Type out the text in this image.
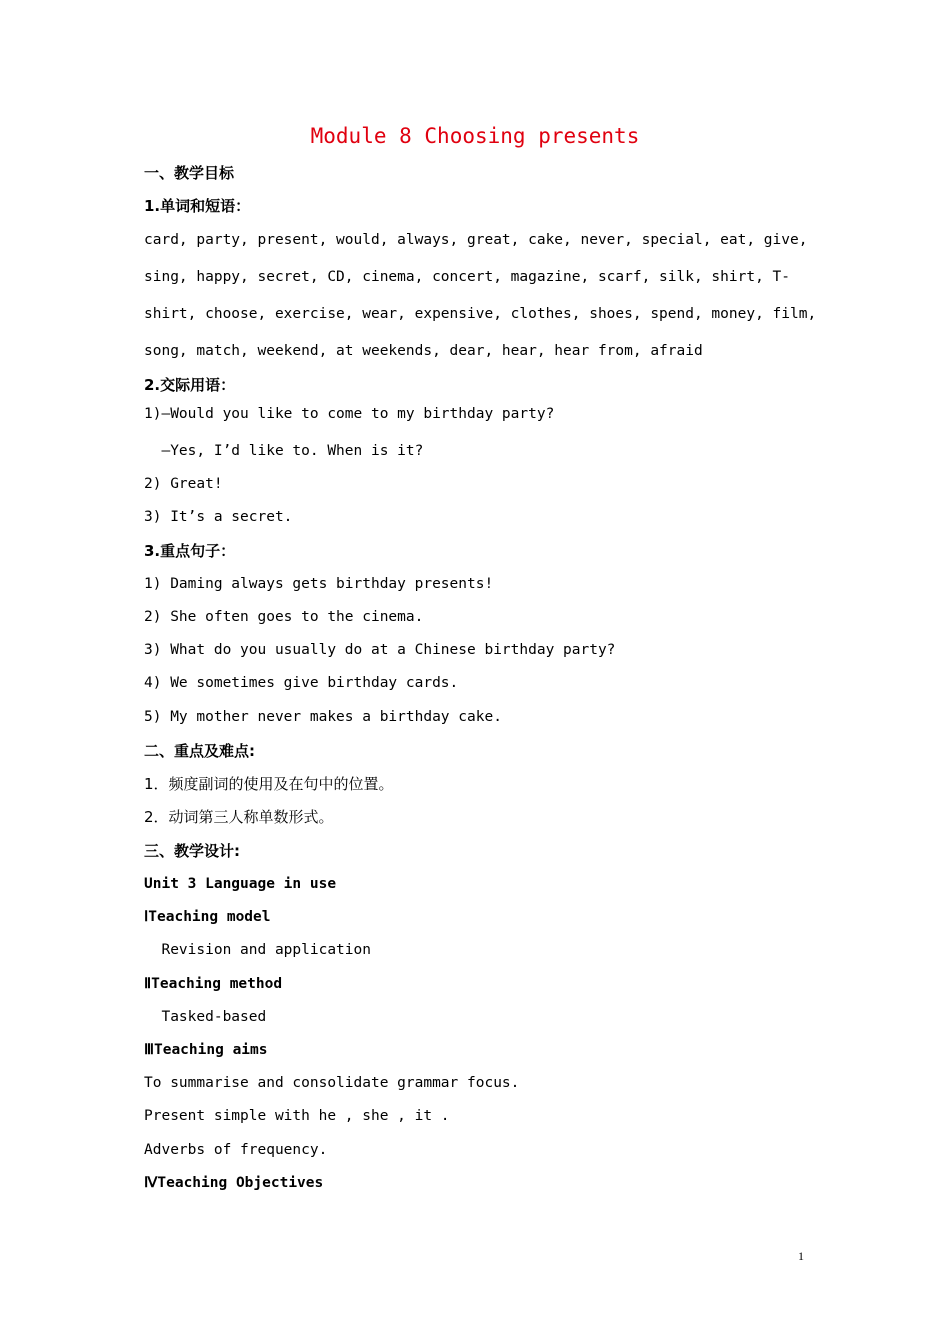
Module 8 Choosing presents
一、教学目标
1.单词和短语：
card, party, present, would, always, great, cake, never, special, eat, give,
sing, happy, secret, CD, cinema, concert, magazine, scarf, silk, shirt, T-
shirt, choose, exercise, wear, expensive, clothes, shoes, spend, money, film,
song, match, weekend, at weekends, dear, hear, hear from, afraid
2.交际用语：
1)—Would you like to come to my birthday party?
—Yes, I’d like to. When is it?
2) Great!
3) It’s a secret.
3.重点句子：
1) Daming always gets birthday presents!
2) She often goes to the cinema.
3) What do you usually do at a Chinese birthday party?
4) We sometimes give birthday cards.
5) My mother never makes a birthday cake.
二、重点及难点:
1．频度副词的使用及在句中的位置。
2．动词第三人称单数形式。
三、教学设计:
Unit 3 Language in use
ⅠTeaching model
Revision and application
ⅡTeaching method
Tasked-based
ⅢTeaching aims
To summarise and consolidate grammar focus.
Present simple with he , she , it .
Adverbs of frequency.
ⅣTeaching Objectives
1
